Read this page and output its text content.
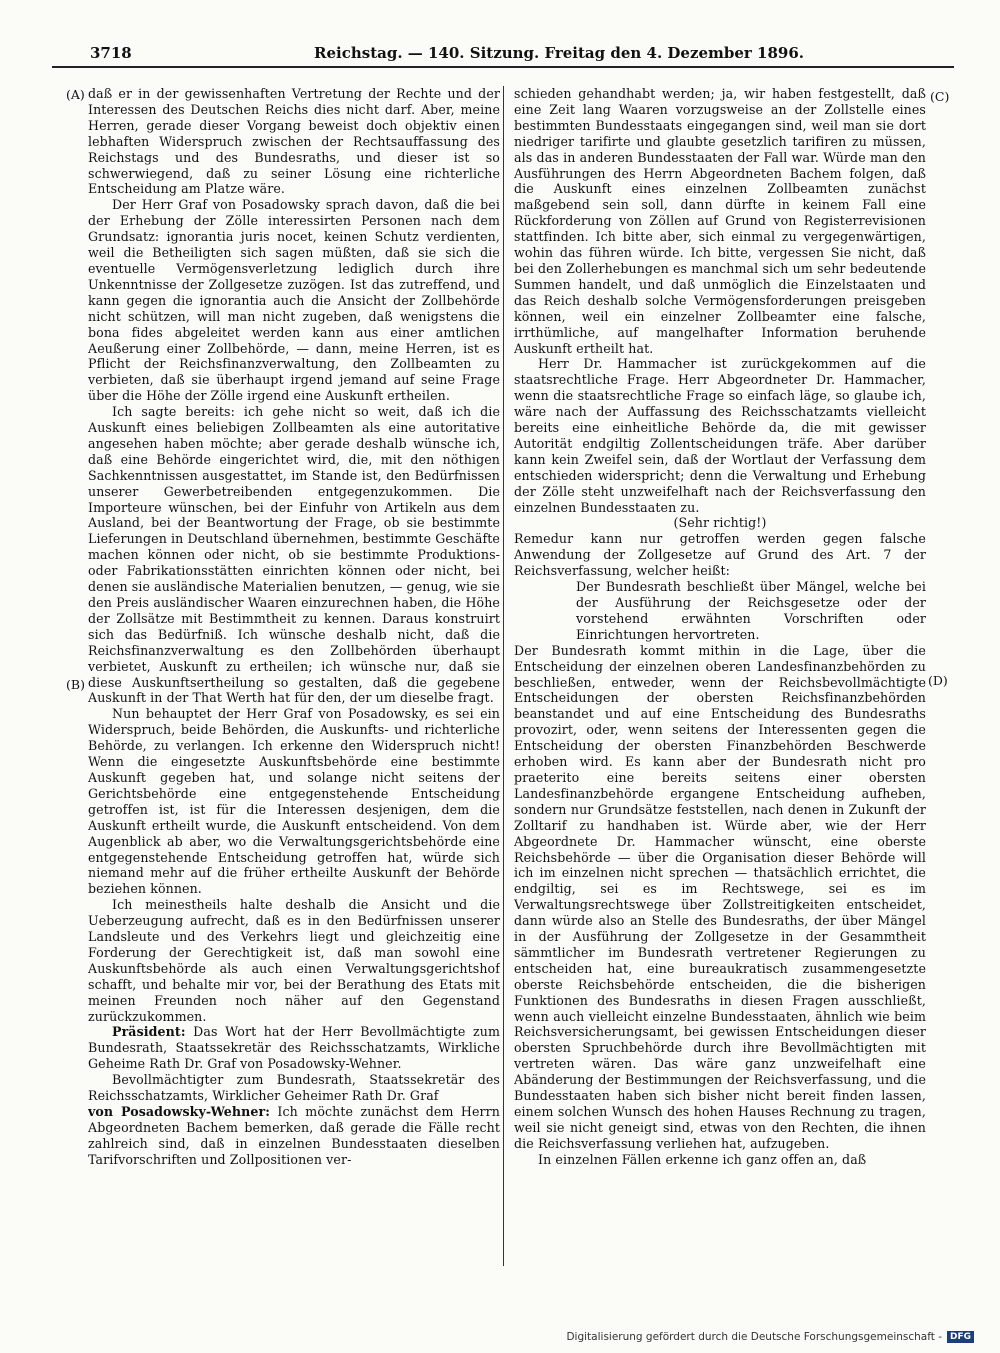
3718	Reichstag. — 140. Sitzung. Freitag den 4. Dezember 1896.
(A)
(B)
(C)
(D)

daß er in der gewissenhaften Vertretung der Rechte und der Interessen des Deutschen Reichs dies nicht darf. Aber, meine Herren, gerade dieser Vorgang beweist doch objektiv einen lebhaften Widerspruch zwischen der Rechtsauffassung des Reichstags und des Bundesraths, und dieser ist so schwerwiegend, daß zu seiner Lösung eine richterliche Entscheidung am Platze wäre.

Der Herr Graf von Posadowsky sprach davon, daß die bei der Erhebung der Zölle interessirten Personen nach dem Grundsatz: ignorantia juris nocet, keinen Schutz verdienten, weil die Betheiligten sich sagen müßten, daß sie sich die eventuelle Vermögensverletzung lediglich durch ihre Unkenntnisse der Zollgesetze zuzögen. Ist das zutreffend, und kann gegen die ignorantia auch die Ansicht der Zollbehörde nicht schützen, will man nicht zugeben, daß wenigstens die bona fides abgeleitet werden kann aus einer amtlichen Aeußerung einer Zollbehörde, — dann, meine Herren, ist es Pflicht der Reichsfinanzverwaltung, den Zollbeamten zu verbieten, daß sie überhaupt irgend jemand auf seine Frage über die Höhe der Zölle irgend eine Auskunft ertheilen.

Ich sagte bereits: ich gehe nicht so weit, daß ich die Auskunft eines beliebigen Zollbeamten als eine autoritative angesehen haben möchte; aber gerade deshalb wünsche ich, daß eine Behörde eingerichtet wird, die, mit den nöthigen Sachkenntnissen ausgestattet, im Stande ist, den Bedürfnissen unserer Gewerbetreibenden entgegenzukommen. Die Importeure wünschen, bei der Einfuhr von Artikeln aus dem Ausland, bei der Beantwortung der Frage, ob sie bestimmte Lieferungen in Deutschland übernehmen, bestimmte Geschäfte machen können oder nicht, ob sie bestimmte Produktions- oder Fabrikationsstätten einrichten können oder nicht, bei denen sie ausländische Materialien benutzen, — genug, wie sie den Preis ausländischer Waaren einzurechnen haben, die Höhe der Zollsätze mit Bestimmtheit zu kennen. Daraus konstruirt sich das Bedürfniß. Ich wünsche deshalb nicht, daß die Reichsfinanzverwaltung es den Zollbehörden überhaupt verbietet, Auskunft zu ertheilen; ich wünsche nur, daß sie diese Auskunftsertheilung so gestalten, daß die gegebene Auskunft in der That Werth hat für den, der um dieselbe fragt.

Nun behauptet der Herr Graf von Posadowsky, es sei ein Widerspruch, beide Behörden, die Auskunfts- und richterliche Behörde, zu verlangen. Ich erkenne den Widerspruch nicht! Wenn die eingesetzte Auskunftsbehörde eine bestimmte Auskunft gegeben hat, und solange nicht seitens der Gerichtsbehörde eine entgegenstehende Entscheidung getroffen ist, ist für die Interessen desjenigen, dem die Auskunft ertheilt wurde, die Auskunft entscheidend. Von dem Augenblick ab aber, wo die Verwaltungsgerichtsbehörde eine entgegenstehende Entscheidung getroffen hat, würde sich niemand mehr auf die früher ertheilte Auskunft der Behörde beziehen können.

Ich meinestheils halte deshalb die Ansicht und die Ueberzeugung aufrecht, daß es in den Bedürfnissen unserer Landsleute und des Verkehrs liegt und gleichzeitig eine Forderung der Gerechtigkeit ist, daß man sowohl eine Auskunftsbehörde als auch einen Verwaltungsgerichtshof schafft, und behalte mir vor, bei der Berathung des Etats mit meinen Freunden noch näher auf den Gegenstand zurückzukommen.

Präsident: Das Wort hat der Herr Bevollmächtigte zum Bundesrath, Staatssekretär des Reichsschatzamts, Wirkliche Geheime Rath Dr. Graf von Posadowsky-Wehner.

Bevollmächtigter zum Bundesrath, Staatssekretär des Reichsschatzamts, Wirklicher Geheimer Rath Dr. Graf

von Posadowsky-Wehner: Ich möchte zunächst dem Herrn Abgeordneten Bachem bemerken, daß gerade die Fälle recht zahlreich sind, daß in einzelnen Bundesstaaten dieselben Tarifvorschriften und Zollpositionen ver-

schieden gehandhabt werden; ja, wir haben festgestellt, daß eine Zeit lang Waaren vorzugsweise an der Zollstelle eines bestimmten Bundesstaats eingegangen sind, weil man sie dort niedriger tarifirte und glaubte gesetzlich tarifiren zu müssen, als das in anderen Bundesstaaten der Fall war. Würde man den Ausführungen des Herrn Abgeordneten Bachem folgen, daß die Auskunft eines einzelnen Zollbeamten zunächst maßgebend sein soll, dann dürfte in keinem Fall eine Rückforderung von Zöllen auf Grund von Registerrevisionen stattfinden. Ich bitte aber, sich einmal zu vergegenwärtigen, wohin das führen würde. Ich bitte, vergessen Sie nicht, daß bei den Zollerhebungen es manchmal sich um sehr bedeutende Summen handelt, und daß unmöglich die Einzelstaaten und das Reich deshalb solche Vermögensforderungen preisgeben können, weil ein einzelner Zollbeamter eine falsche, irrthümliche, auf mangelhafter Information beruhende Auskunft ertheilt hat.

Herr Dr. Hammacher ist zurückgekommen auf die staatsrechtliche Frage. Herr Abgeordneter Dr. Hammacher, wenn die staatsrechtliche Frage so einfach läge, so glaube ich, wäre nach der Auffassung des Reichsschatzamts vielleicht bereits eine einheitliche Behörde da, die mit gewisser Autorität endgiltig Zollentscheidungen träfe. Aber darüber kann kein Zweifel sein, daß der Wortlaut der Verfassung dem entschieden widerspricht; denn die Verwaltung und Erhebung der Zölle steht unzweifelhaft nach der Reichsverfassung den einzelnen Bundesstaaten zu.

(Sehr richtig!)

Remedur kann nur getroffen werden gegen falsche Anwendung der Zollgesetze auf Grund des Art. 7 der Reichsverfassung, welcher heißt:

Der Bundesrath beschließt über Mängel, welche bei der Ausführung der Reichsgesetze oder der vorstehend erwähnten Vorschriften oder Einrichtungen hervortreten.

Der Bundesrath kommt mithin in die Lage, über die Entscheidung der einzelnen oberen Landesfinanzbehörden zu beschließen, entweder, wenn der Reichsbevollmächtigte Entscheidungen der obersten Reichsfinanzbehörden beanstandet und auf eine Entscheidung des Bundesraths provozirt, oder, wenn seitens der Interessenten gegen die Entscheidung der obersten Finanzbehörden Beschwerde erhoben wird. Es kann aber der Bundesrath nicht pro praeterito eine bereits seitens einer obersten Landesfinanzbehörde ergangene Entscheidung aufheben, sondern nur Grundsätze feststellen, nach denen in Zukunft der Zolltarif zu handhaben ist. Würde aber, wie der Herr Abgeordnete Dr. Hammacher wünscht, eine oberste Reichsbehörde — über die Organisation dieser Behörde will ich im einzelnen nicht sprechen — thatsächlich errichtet, die endgiltig, sei es im Rechtswege, sei es im Verwaltungsrechtswege über Zollstreitigkeiten entscheidet, dann würde also an Stelle des Bundesraths, der über Mängel in der Ausführung der Zollgesetze in der Gesammtheit sämmtlicher im Bundesrath vertretener Regierungen zu entscheiden hat, eine bureaukratisch zusammengesetzte oberste Reichsbehörde entscheiden, die die bisherigen Funktionen des Bundesraths in diesen Fragen ausschließt, wenn auch vielleicht einzelne Bundesstaaten, ähnlich wie beim Reichsversicherungsamt, bei gewissen Entscheidungen dieser obersten Spruchbehörde durch ihre Bevollmächtigten mit vertreten wären. Das wäre ganz unzweifelhaft eine Abänderung der Bestimmungen der Reichsverfassung, und die Bundesstaaten haben sich bisher nicht bereit finden lassen, einem solchen Wunsch des hohen Hauses Rechnung zu tragen, weil sie nicht geneigt sind, etwas von den Rechten, die ihnen die Reichsverfassung verliehen hat, aufzugeben.

In einzelnen Fällen erkenne ich ganz offen an, daß

Digitalisierung gefördert durch die Deutsche Forschungsgemeinschaft - DFG
